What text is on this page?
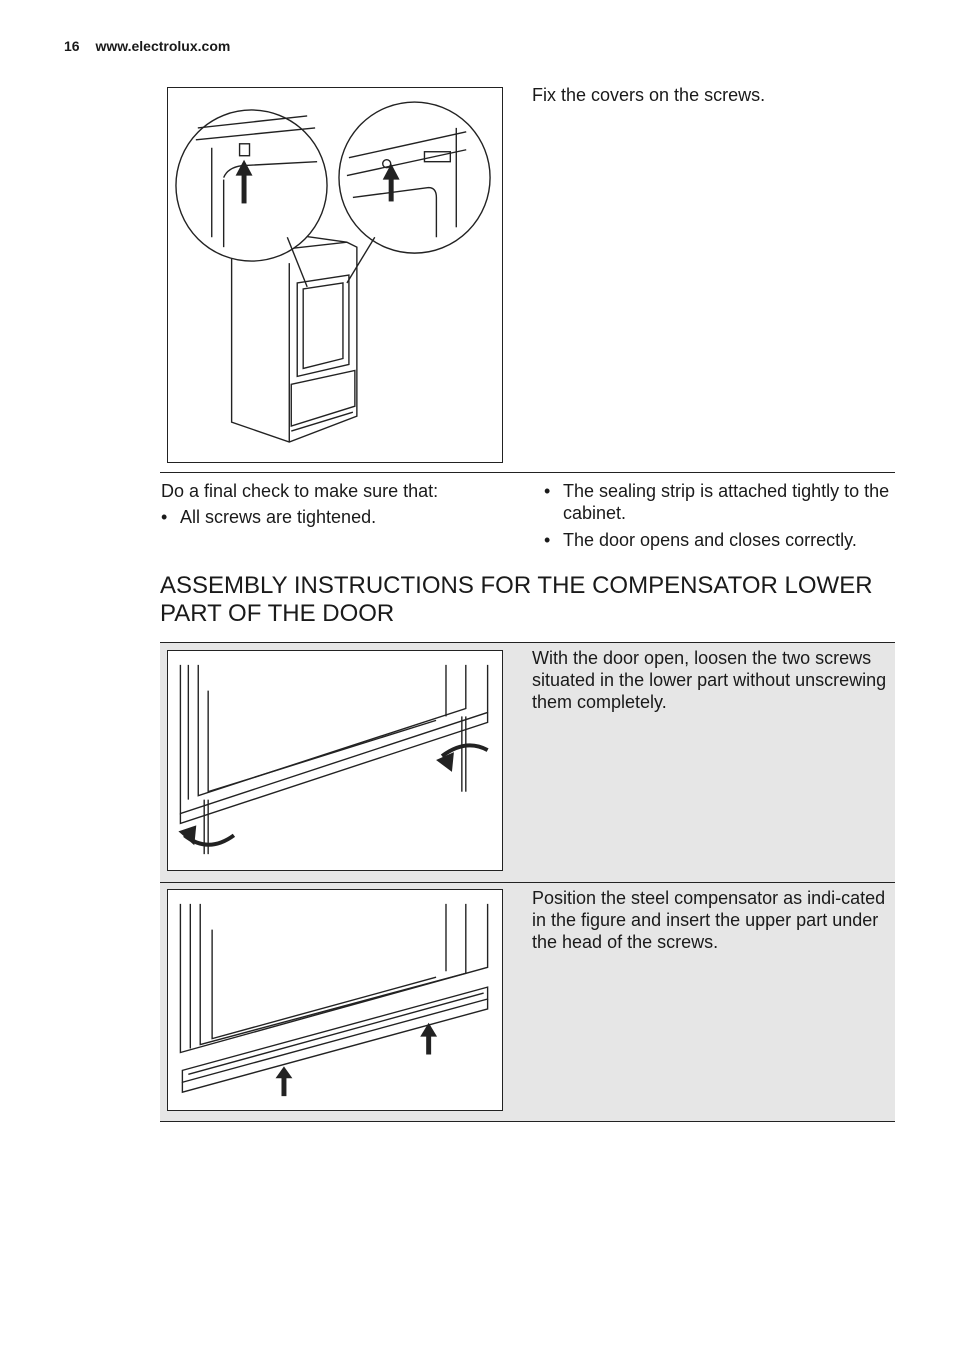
16 www.electrolux.com
Fix the covers on the screws.
Do a final check to make sure that:
• All screws are tightened.
• The sealing strip is attached tightly to the cabinet.
• The door opens and closes correctly.
ASSEMBLY INSTRUCTIONS FOR THE COMPENSATOR LOWER PART OF THE DOOR
With the door open, loosen the two screws situated in the lower part without unscrewing them completely.
Position the steel compensator as indi-cated in the figure and insert the upper part under the head of the screws.
